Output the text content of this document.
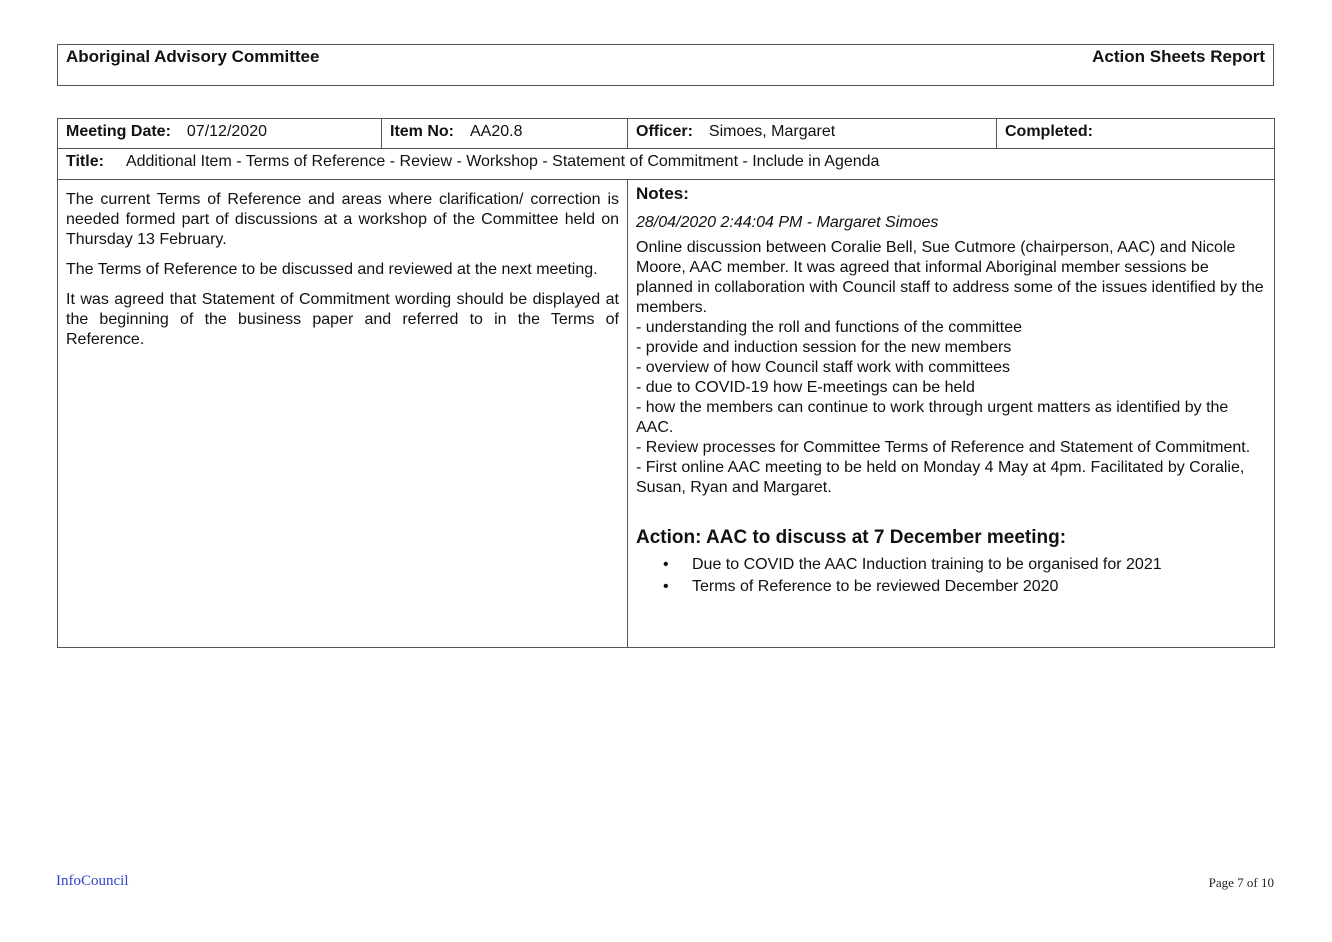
Aboriginal Advisory Committee	Action Sheets Report
Meeting Date: 07/12/2020	Item No: AA20.8	Officer: Simoes, Margaret	Completed:
Title: Additional Item - Terms of Reference - Review - Workshop - Statement of Commitment - Include in Agenda

The current Terms of Reference and areas where clarification/ correction is needed formed part of discussions at a workshop of the Committee held on Thursday 13 February.

The Terms of Reference to be discussed and reviewed at the next meeting.

It was agreed that Statement of Commitment wording should be displayed at the beginning of the business paper and referred to in the Terms of Reference.

Notes:
28/04/2020 2:44:04 PM - Margaret Simoes

Online discussion between Coralie Bell, Sue Cutmore (chairperson, AAC) and Nicole Moore, AAC member. It was agreed that informal Aboriginal member sessions be planned in collaboration with Council staff to address some of the issues identified by the members.

- understanding the roll and functions of the committee

- provide and induction session for the new members

- overview of how Council staff work with committees

- due to COVID-19 how E-meetings can be held

- how the members can continue to work through urgent matters as identified by the AAC.

- Review processes for Committee Terms of Reference and Statement of Commitment.

- First online AAC meeting to be held on Monday 4 May at 4pm. Facilitated by Coralie, Susan, Ryan and Margaret.

Action: AAC to discuss at 7 December meeting:
• Due to COVID the AAC Induction training to be organised for 2021
• Terms of Reference to be reviewed December 2020
InfoCouncil	Page 7 of 10
